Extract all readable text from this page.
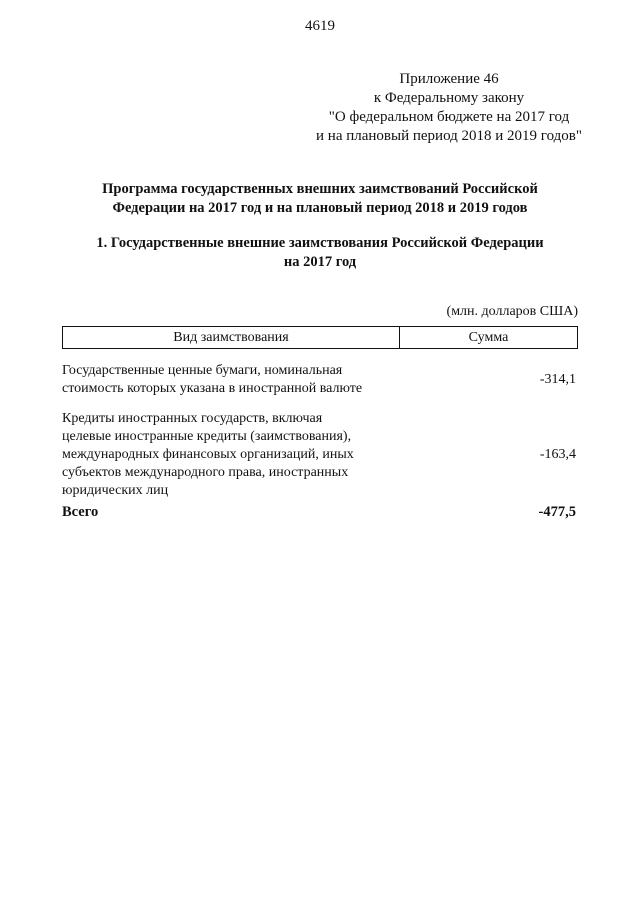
4619
Приложение 46
к Федеральному закону
"О федеральном бюджете на 2017 год
и на плановый период 2018 и 2019 годов"
Программа государственных внешних заимствований Российской
Федерации на 2017 год и на плановый период 2018 и 2019 годов
1. Государственные внешние заимствования Российской Федерации
на 2017 год
(млн. долларов США)
Вид заимствования	Сумма
Государственные ценные бумаги, номинальная
стоимость которых указана в иностранной валюте
-314,1
Кредиты иностранных государств, включая
целевые иностранные кредиты (заимствования),
международных финансовых организаций, иных
субъектов международного права, иностранных
юридических лиц
-163,4
Всего	-477,5
